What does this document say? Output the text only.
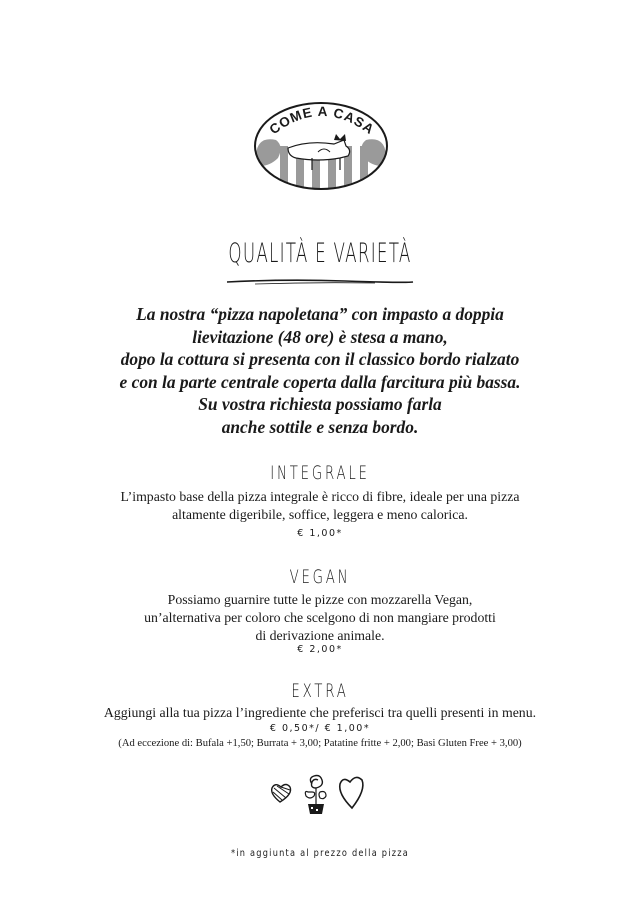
COME A CASA
QUALITÀ E VARIETÀ
La nostra “pizza napoletana” con impasto a doppia
lievitazione (48 ore) è stesa a mano,
dopo la cottura si presenta con il classico bordo rialzato
e con la parte centrale coperta dalla farcitura più bassa.
Su vostra richiesta possiamo farla
anche sottile e senza bordo.
INTEGRALE
L’impasto base della pizza integrale è ricco di fibre, ideale per una pizza
altamente digeribile, soffice, leggera e meno calorica.
€ 1,00*
VEGAN
Possiamo guarnire tutte le pizze con mozzarella Vegan,
un’alternativa per coloro che scelgono di non mangiare prodotti
di derivazione animale.
€ 2,00*
EXTRA
Aggiungi alla tua pizza l’ingrediente che preferisci tra quelli presenti in menu.
€ 0,50*/ € 1,00*
(Ad eccezione di: Bufala +1,50; Burrata + 3,00; Patatine fritte + 2,00; Basi Gluten Free + 3,00)
*in aggiunta al prezzo della pizza
